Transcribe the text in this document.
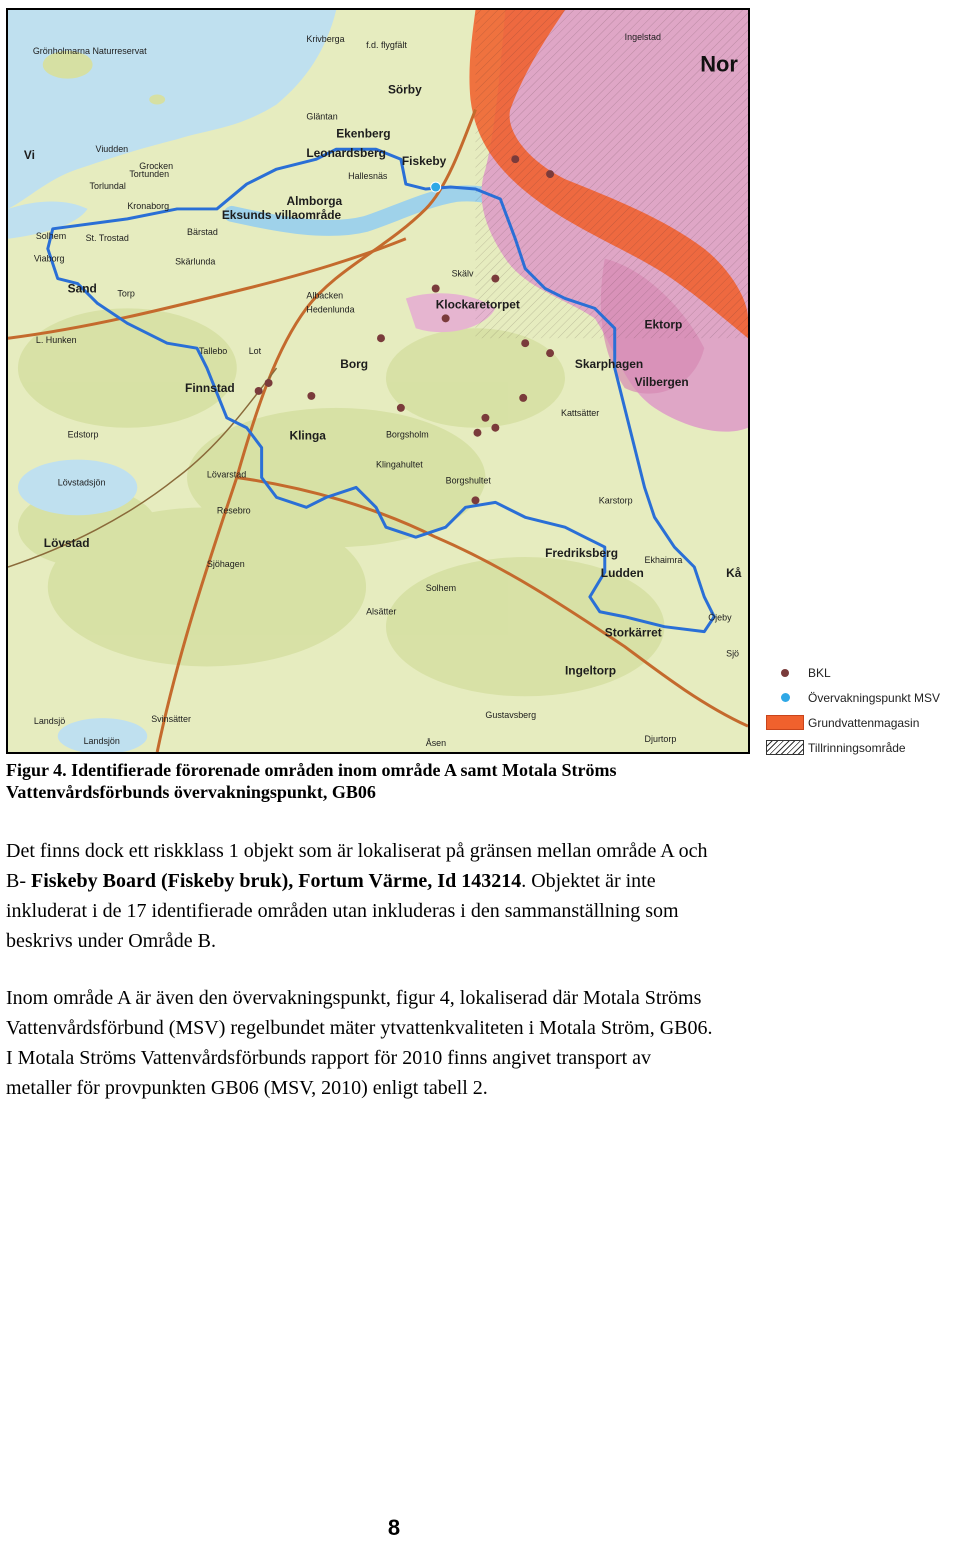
Grönholmarna Naturreservat
Krivberga
f.d. flygfält
Ingelstad
Nor
Sörby
Vi	Viudden
Grocken
Torlundal
Tortunden
Gläntan
Ekenberg
Leonardsberg
Fiskeby
Hallesnäs
Almborga
Kronaborg
Eksunds villaområde
Solhem St. Trostad
Bärstad
Viaborg	Skärlunda
Sand Torp	Albacken
Hedenlunda
Skälv
Klockaretorpet
Ektorp
Tallebo Lot
Borg	Skarphagen
Vilbergen
L. Hunken
Finnstad
Kattsätter
Klinga	Borgsholm
Edstorp
Lövstadsjön
Lövstad
Lövarstad
Resebro
Klingahultet
Borgshultet
Karstorp
Fredriksberg
Ludden
Ekhaimra
Storkärret
Solhem
Alsätter
Sjöhagen
Ingeltorp
Landsjö	Svinsätter
Landsjön
Gustavsberg
Åsen	Djurtorp
Kå
Öjeby
Sjö
BKL
Övervakningspunkt MSV
Grundvattenmagasin
Tillrinningsområde
Figur 4. Identifierade förorenade områden inom område A samt Motala Ströms
Vattenvårdsförbunds övervakningspunkt, GB06
Det finns dock ett riskklass 1 objekt som är lokaliserat på gränsen mellan område A och
B- Fiskeby Board (Fiskeby bruk), Fortum Värme, Id 143214. Objektet är inte
inkluderat i de 17 identifierade områden utan inkluderas i den sammanställning som
beskrivs under Område B.
Inom område A är även den övervakningspunkt, figur 4, lokaliserad där Motala Ströms
Vattenvårdsförbund (MSV) regelbundet mäter ytvattenkvaliteten i Motala Ström, GB06.
I Motala Ströms Vattenvårdsförbunds rapport för 2010 finns angivet transport av
metaller för provpunkten GB06 (MSV, 2010) enligt tabell 2.
8
